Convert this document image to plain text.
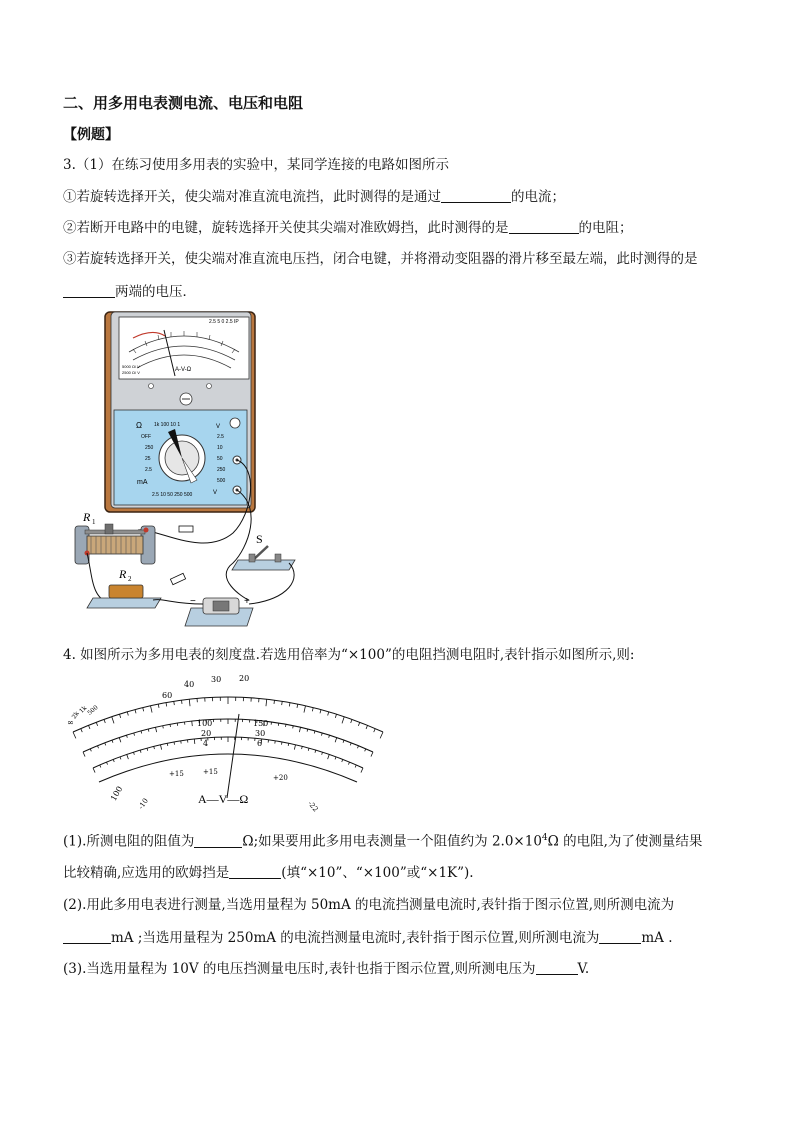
二、用多用电表测电流、电压和电阻
【例题】
3.（1）在练习使用多用表的实验中，某同学连接的电路如图所示
①若旋转选择开关，使尖端对准直流电流挡，此时测得的是通过	的电流；
②若断开电路中的电键，旋转选择开关使其尖端对准欧姆挡，此时测得的是	的电阻；
③若旋转选择开关，使尖端对准直流电压挡，闭合电键，并将滑动变阻器的滑片移至最左端，此时测得的是
两端的电压．
2.5 5 0 2.5 IP
A-V-Ω
5000 Ω/ V
2500 Ω/ V
Ω 1k 100 10 1
OFF
250
25
2.5
mA
2.5 10 50 250 500
V
V
2.5
10
50
250
500
R 1
R 2
S
−	+
4. 如图所示为多用电表的刻度盘.若选用倍率为“×100”的电阻挡测电阻时,表针指示如图所示,则:
60
40
30 20
2k
1k
500
∞	100
20
4
150
30
6
100
+15
+15	+20
-10	-22
A—V—Ω
(1).所测电阻的阻值为	Ω;如果要用此多用电表测量一个阻值约为 $2.0\times 10^4\Omega$ 的电阻,为了使测量结果
比较精确,应选用的欧姆挡是	(填“×10”、“×100”或“×1K”).
(2).用此多用电表进行测量,当选用量程为 50mA 的电流挡测量电流时,表针指于图示位置,则所测电流为
mA ;当选用量程为 250mA 的电流挡测量电流时,表针指于图示位置,则所测电流为	mA .
(3).当选用量程为 10V 的电压挡测量电压时,表针也指于图示位置,则所测电压为	V.
